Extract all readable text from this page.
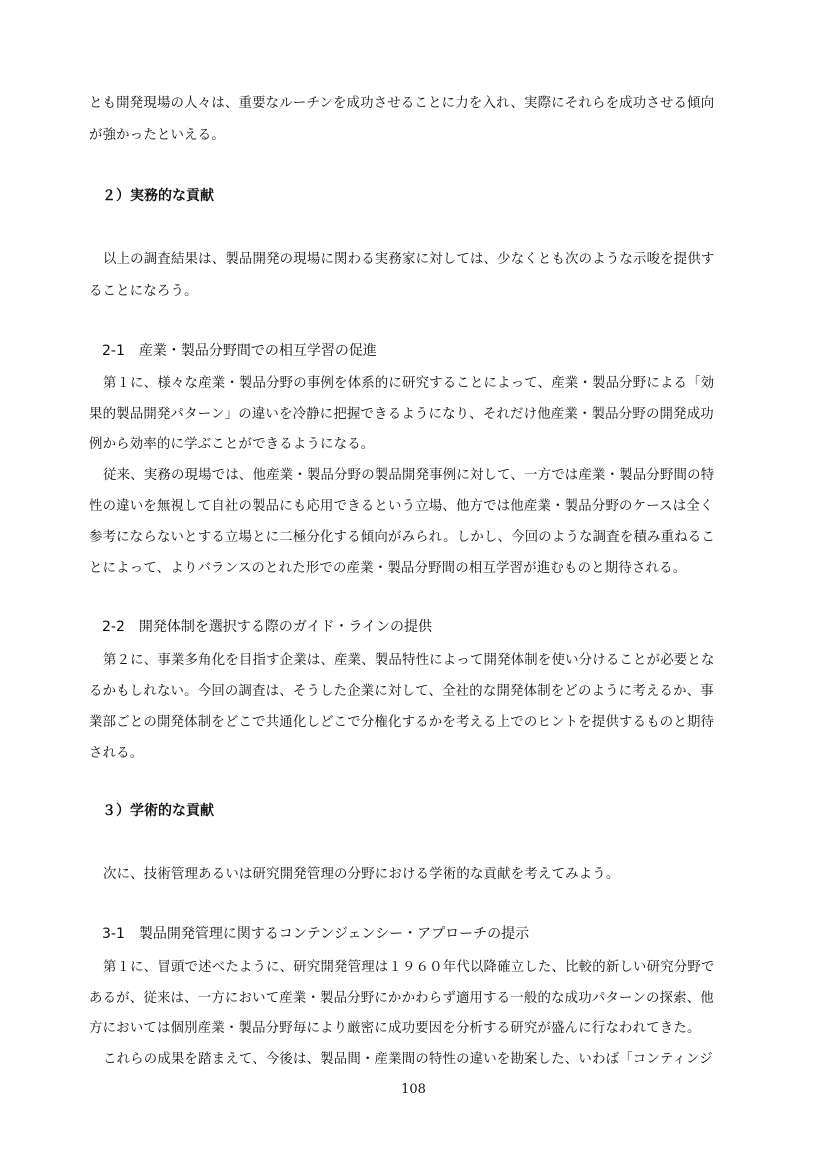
とも開発現場の人々は、重要なルーチンを成功させることに力を入れ、実際にそれらを成功させる傾向
が強かったといえる。
２）実務的な貢献
以上の調査結果は、製品開発の現場に関わる実務家に対しては、少なくとも次のような示唆を提供す
ることになろう。
2-1　産業・製品分野間での相互学習の促進
第１に、様々な産業・製品分野の事例を体系的に研究することによって、産業・製品分野による「効
果的製品開発パターン」の違いを冷静に把握できるようになり、それだけ他産業・製品分野の開発成功
例から効率的に学ぶことができるようになる。
従来、実務の現場では、他産業・製品分野の製品開発事例に対して、一方では産業・製品分野間の特
性の違いを無視して自社の製品にも応用できるという立場、他方では他産業・製品分野のケースは全く
参考にならないとする立場とに二極分化する傾向がみられ。しかし、今回のような調査を積み重ねるこ
とによって、よりバランスのとれた形での産業・製品分野間の相互学習が進むものと期待される。
2-2　開発体制を選択する際のガイド・ラインの提供
第２に、事業多角化を目指す企業は、産業、製品特性によって開発体制を使い分けることが必要とな
るかもしれない。今回の調査は、そうした企業に対して、全社的な開発体制をどのように考えるか、事
業部ごとの開発体制をどこで共通化しどこで分権化するかを考える上でのヒントを提供するものと期待
される。
３）学術的な貢献
次に、技術管理あるいは研究開発管理の分野における学術的な貢献を考えてみよう。
3-1　製品開発管理に関するコンテンジェンシー・アプローチの提示
第１に、冒頭で述べたように、研究開発管理は１９６０年代以降確立した、比較的新しい研究分野で
あるが、従来は、一方において産業・製品分野にかかわらず適用する一般的な成功パターンの探索、他
方においては個別産業・製品分野毎により厳密に成功要因を分析する研究が盛んに行なわれてきた。
これらの成果を踏まえて、今後は、製品間・産業間の特性の違いを勘案した、いわば「コンティンジ
108
